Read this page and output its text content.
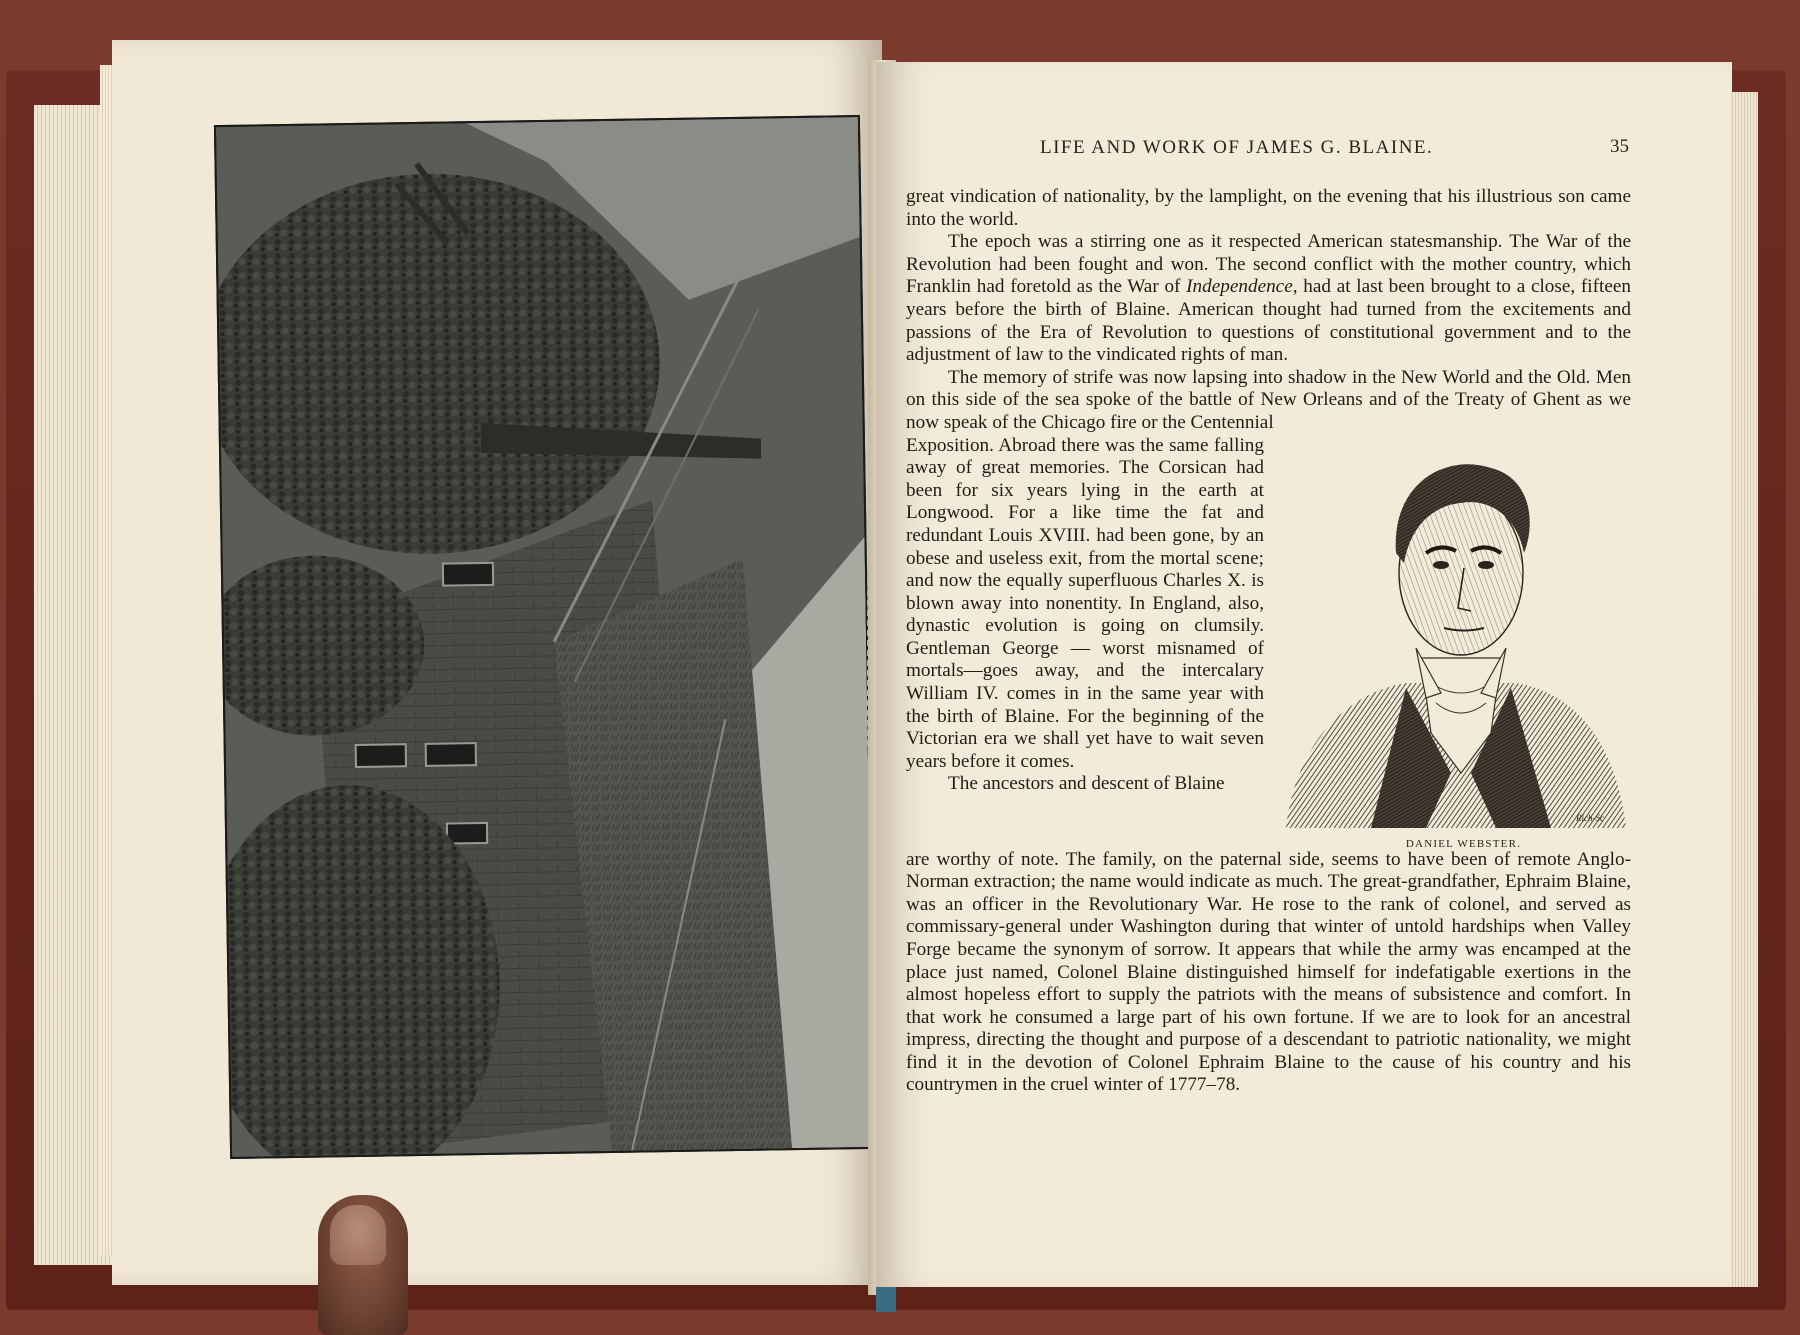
LIFE AND WORK OF JAMES G. BLAINE.	35

great vindication of nationality, by the lamplight, on the evening that his illustrious son came into the world.

The epoch was a stirring one as it respected American statesmanship. The War of the Revolution had been fought and won. The second conflict with the mother country, which Franklin had foretold as the War of Independence, had at last been brought to a close, fifteen years before the birth of Blaine. American thought had turned from the excitements and passions of the Era of Revolution to questions of constitutional government and to the adjustment of law to the vindicated rights of man.

The memory of strife was now lapsing into shadow in the New World and the Old. Men on this side of the sea spoke of the battle of New Orleans and of the Treaty of Ghent as we now speak of the Chicago fire or the Centennial

Rich-Sc
DANIEL WEBSTER.

Exposition. Abroad there was the same falling away of great memories. The Corsican had been for six years lying in the earth at Longwood. For a like time the fat and redundant Louis XVIII. had been gone, by an obese and useless exit, from the mortal scene; and now the equally superfluous Charles X. is blown away into nonentity. In England, also, dynastic evolution is going on clumsily. Gentleman George — worst misnamed of mortals—goes away, and the intercalary William IV. comes in in the same year with the birth of Blaine. For the beginning of the Victorian era we shall yet have to wait seven years before it comes.

The ancestors and descent of Blaine

are worthy of note. The family, on the paternal side, seems to have been of remote Anglo-Norman extraction; the name would indicate as much. The great-grandfather, Ephraim Blaine, was an officer in the Revolutionary War. He rose to the rank of colonel, and served as commissary-general under Washington during that winter of untold hardships when Valley Forge became the synonym of sorrow. It appears that while the army was encamped at the place just named, Colonel Blaine distinguished himself for indefatigable exertions in the almost hopeless effort to supply the patriots with the means of subsistence and comfort. In that work he consumed a large part of his own fortune. If we are to look for an ancestral impress, directing the thought and purpose of a descendant to patriotic nationality, we might find it in the devotion of Colonel Ephraim Blaine to the cause of his country and his countrymen in the cruel winter of 1777–78.
